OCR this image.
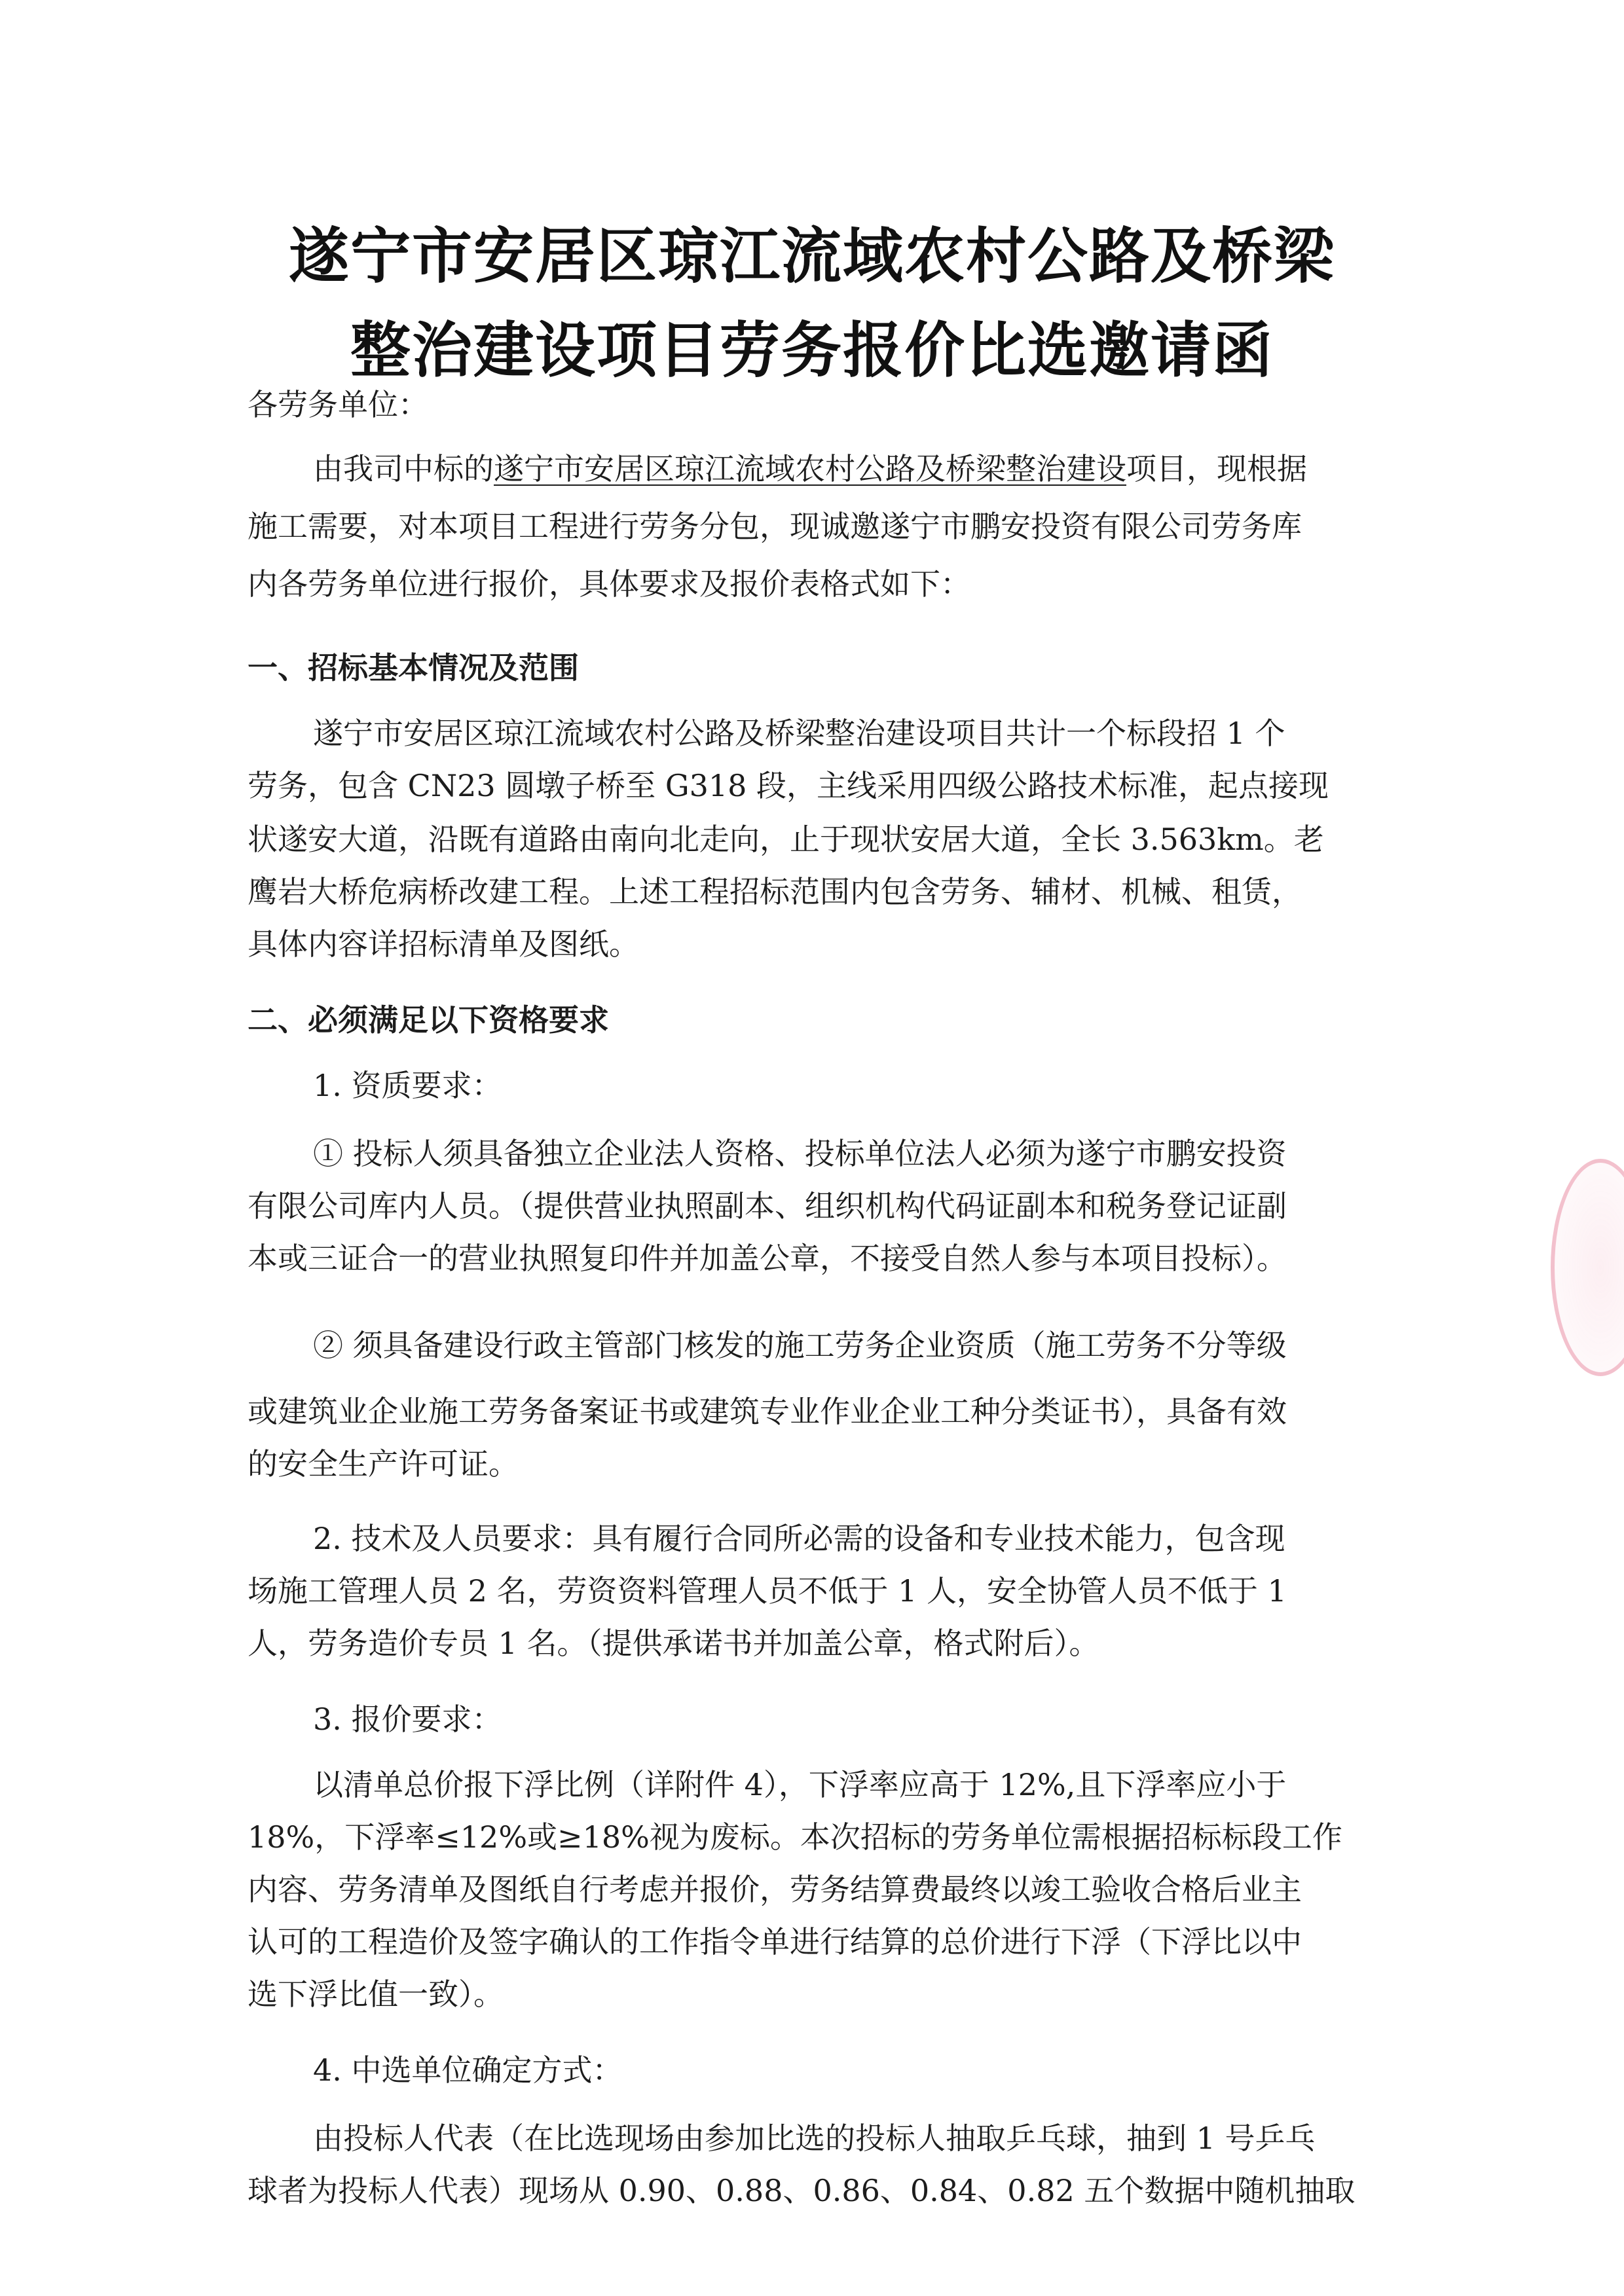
遂宁市安居区琼江流域农村公路及桥梁
整治建设项目劳务报价比选邀请函
各劳务单位：
由我司中标的遂宁市安居区琼江流域农村公路及桥梁整治建设项目，现根据
施工需要，对本项目工程进行劳务分包，现诚邀遂宁市鹏安投资有限公司劳务库
内各劳务单位进行报价，具体要求及报价表格式如下：
一、招标基本情况及范围
遂宁市安居区琼江流域农村公路及桥梁整治建设项目共计一个标段招 1 个
劳务，包含 CN23 圆墩子桥至 G318 段，主线采用四级公路技术标准，起点接现
状遂安大道，沿既有道路由南向北走向，止于现状安居大道，全长 3.563km。老
鹰岩大桥危病桥改建工程。上述工程招标范围内包含劳务、辅材、机械、租赁，
具体内容详招标清单及图纸。
二、必须满足以下资格要求
1. 资质要求：
① 投标人须具备独立企业法人资格、投标单位法人必须为遂宁市鹏安投资
有限公司库内人员。（提供营业执照副本、组织机构代码证副本和税务登记证副
本或三证合一的营业执照复印件并加盖公章，不接受自然人参与本项目投标）。
② 须具备建设行政主管部门核发的施工劳务企业资质（施工劳务不分等级
或建筑业企业施工劳务备案证书或建筑专业作业企业工种分类证书），具备有效
的安全生产许可证。
2. 技术及人员要求：具有履行合同所必需的设备和专业技术能力，包含现
场施工管理人员 2 名，劳资资料管理人员不低于 1 人，安全协管人员不低于 1
人，劳务造价专员 1 名。（提供承诺书并加盖公章，格式附后）。
3. 报价要求：
以清单总价报下浮比例（详附件 4），下浮率应高于 12%,且下浮率应小于
18%，下浮率≤12%或≥18%视为废标。本次招标的劳务单位需根据招标标段工作
内容、劳务清单及图纸自行考虑并报价，劳务结算费最终以竣工验收合格后业主
认可的工程造价及签字确认的工作指令单进行结算的总价进行下浮（下浮比以中
选下浮比值一致）。
4. 中选单位确定方式：
由投标人代表（在比选现场由参加比选的投标人抽取乒乓球，抽到 1 号乒乓
球者为投标人代表）现场从 0.90、0.88、0.86、0.84、0.82 五个数据中随机抽取
